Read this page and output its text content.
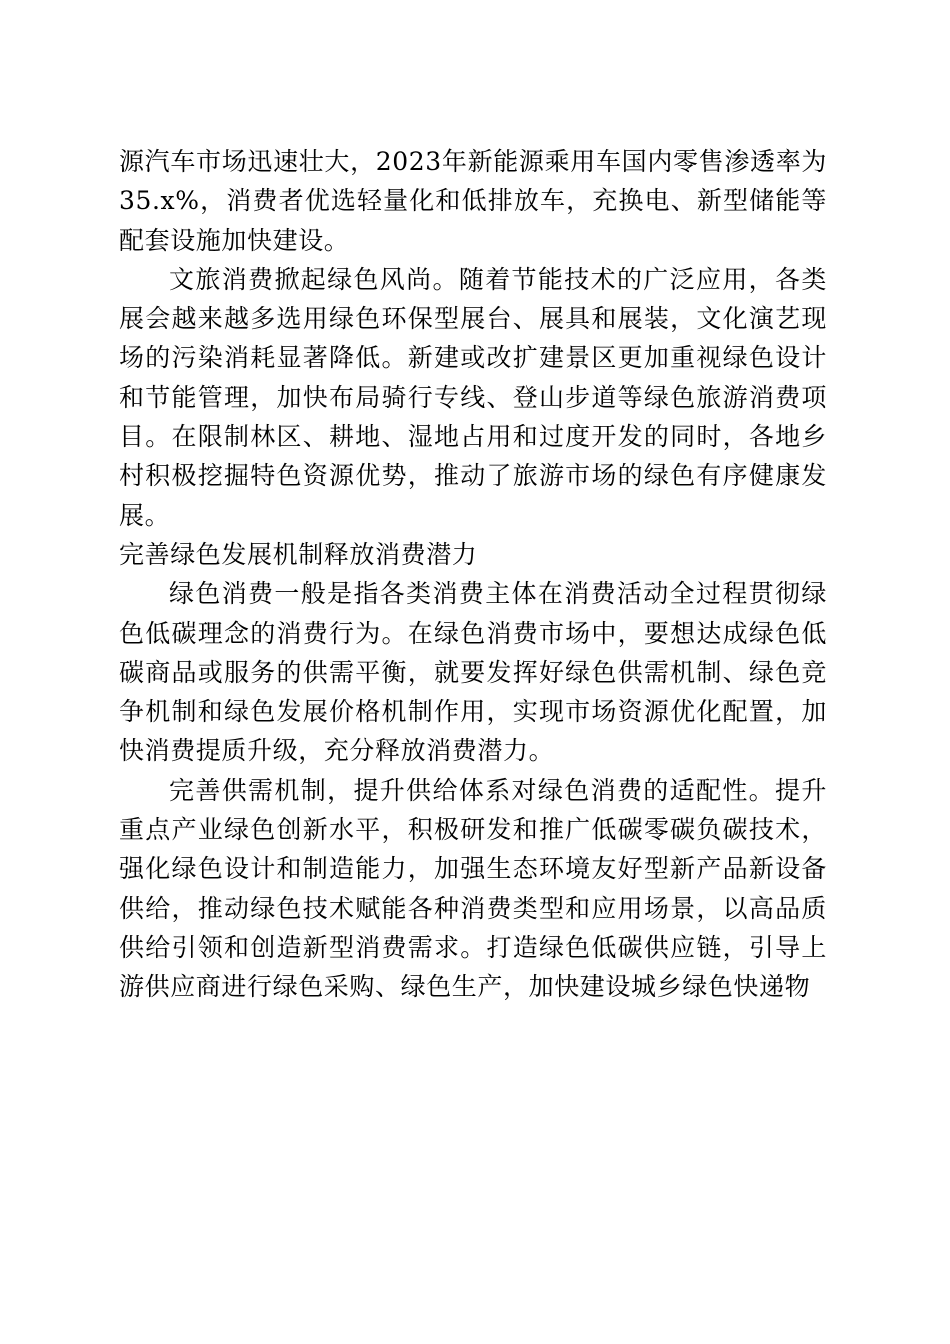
源汽车市场迅速壮大，2023年新能源乘用车国内零售渗透率为35.x%，消费者优选轻量化和低排放车，充换电、新型储能等配套设施加快建设。

文旅消费掀起绿色风尚。随着节能技术的广泛应用，各类展会越来越多选用绿色环保型展台、展具和展装，文化演艺现场的污染消耗显著降低。新建或改扩建景区更加重视绿色设计和节能管理，加快布局骑行专线、登山步道等绿色旅游消费项目。在限制林区、耕地、湿地占用和过度开发的同时，各地乡村积极挖掘特色资源优势，推动了旅游市场的绿色有序健康发展。

完善绿色发展机制释放消费潜力

绿色消费一般是指各类消费主体在消费活动全过程贯彻绿色低碳理念的消费行为。在绿色消费市场中，要想达成绿色低碳商品或服务的供需平衡，就要发挥好绿色供需机制、绿色竞争机制和绿色发展价格机制作用，实现市场资源优化配置，加快消费提质升级，充分释放消费潜力。

完善供需机制，提升供给体系对绿色消费的适配性。提升重点产业绿色创新水平，积极研发和推广低碳零碳负碳技术，强化绿色设计和制造能力，加强生态环境友好型新产品新设备供给，推动绿色技术赋能各种消费类型和应用场景，以高品质供给引领和创造新型消费需求。打造绿色低碳供应链，引导上游供应商进行绿色采购、绿色生产，加快建设城乡绿色快递物
